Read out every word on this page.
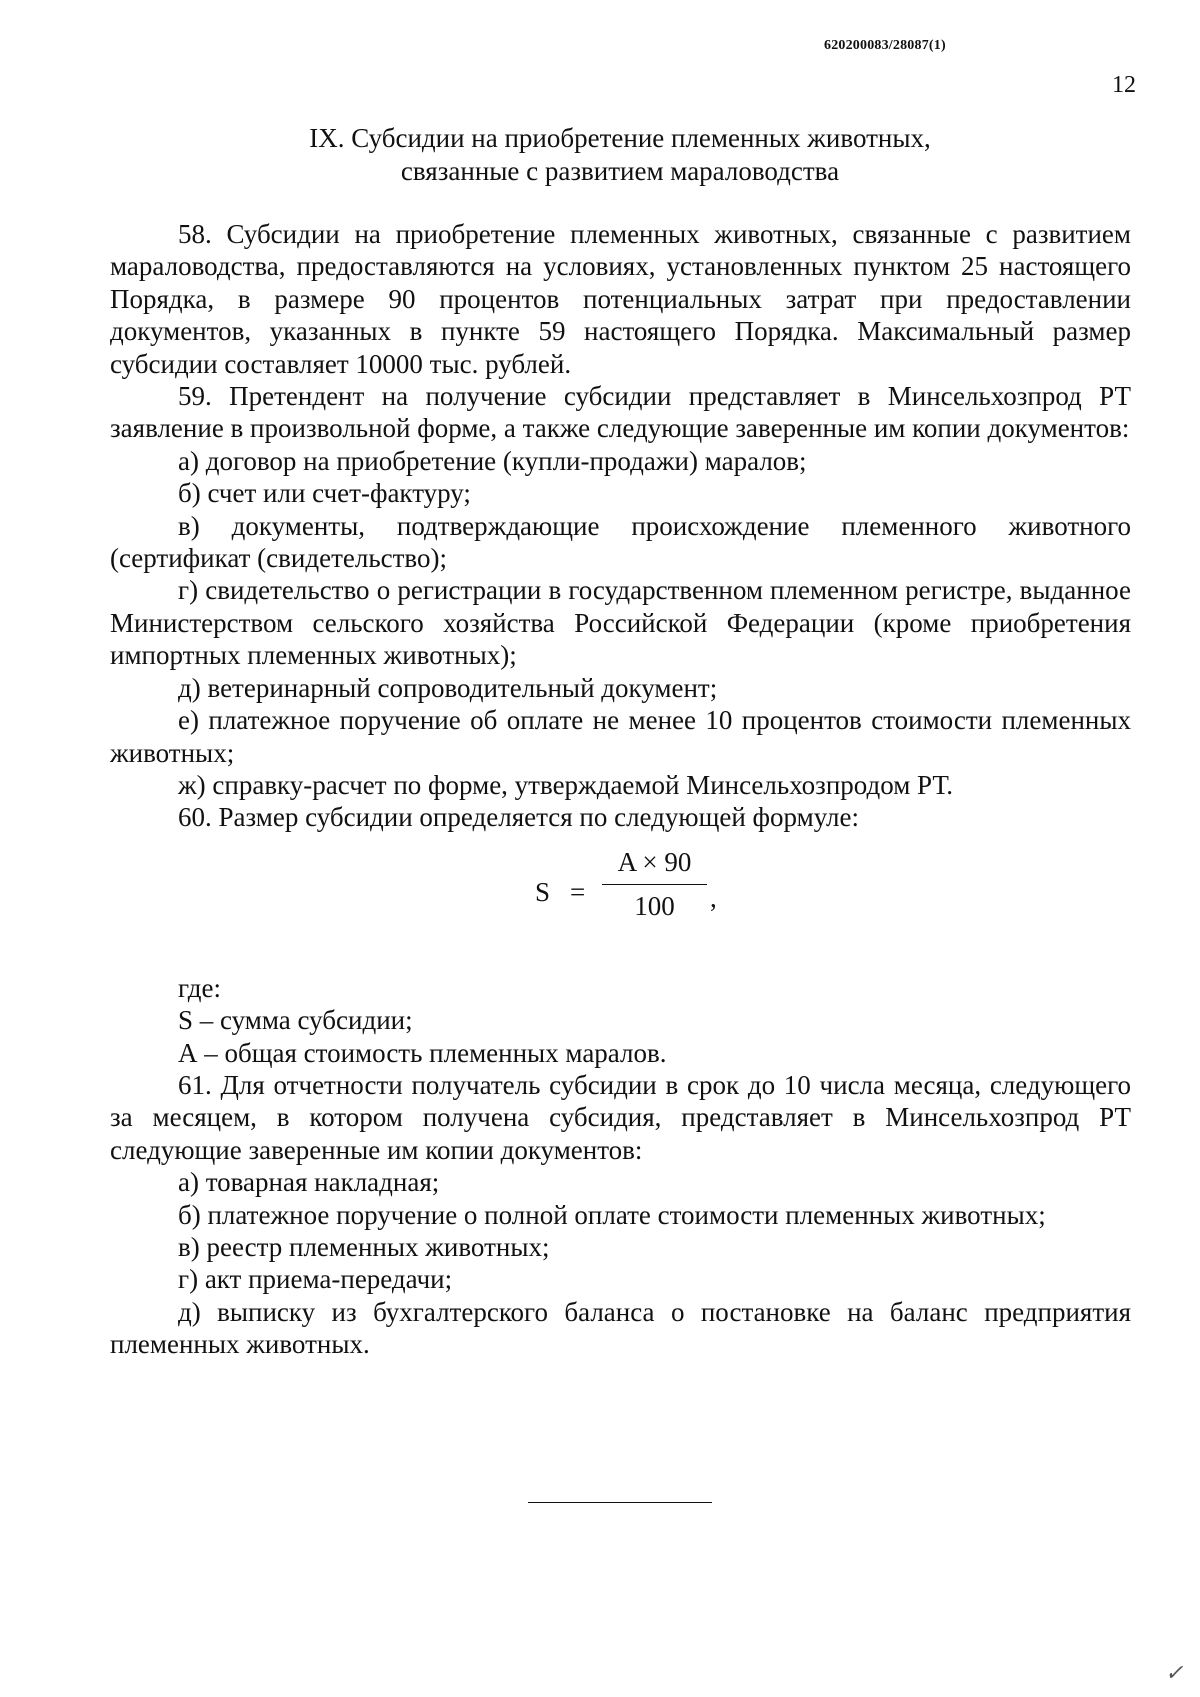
620200083/28087(1)
12
IX. Субсидии на приобретение племенных животных,
связанные с развитием мараловодства

58. Субсидии на приобретение племенных животных, связанные с развитием мараловодства, предоставляются на условиях, установленных пунктом 25 настоящего Порядка, в размере 90 процентов потенциальных затрат при предоставлении документов, указанных в пункте 59 настоящего Порядка. Максимальный размер субсидии составляет 10000 тыс. рублей.

59. Претендент на получение субсидии представляет в Минсельхозпрод РТ заявление в произвольной форме, а также следующие заверенные им копии документов:

а) договор на приобретение (купли-продажи) маралов;

б) счет или счет-фактуру;

в) документы, подтверждающие происхождение племенного животного (сертификат (свидетельство);

г) свидетельство о регистрации в государственном племенном регистре, выданное Министерством сельского хозяйства Российской Федерации (кроме приобретения импортных племенных животных);

д) ветеринарный сопроводительный документ;

е) платежное поручение об оплате не менее 10 процентов стоимости племенных животных;

ж) справку-расчет по форме, утверждаемой Минсельхозпродом РТ.

60. Размер субсидии определяется по следующей формуле:

S =
A × 90
100	,

где:

S – сумма субсидии;

А – общая стоимость племенных маралов.

61. Для отчетности получатель субсидии в срок до 10 числа месяца, следующего за месяцем, в котором получена субсидия, представляет в Минсельхозпрод РТ следующие заверенные им копии документов:

а) товарная накладная;

б) платежное поручение о полной оплате стоимости племенных животных;

в) реестр племенных животных;

г) акт приема-передачи;

д) выписку из бухгалтерского баланса о постановке на баланс предприятия племенных животных.

✓
